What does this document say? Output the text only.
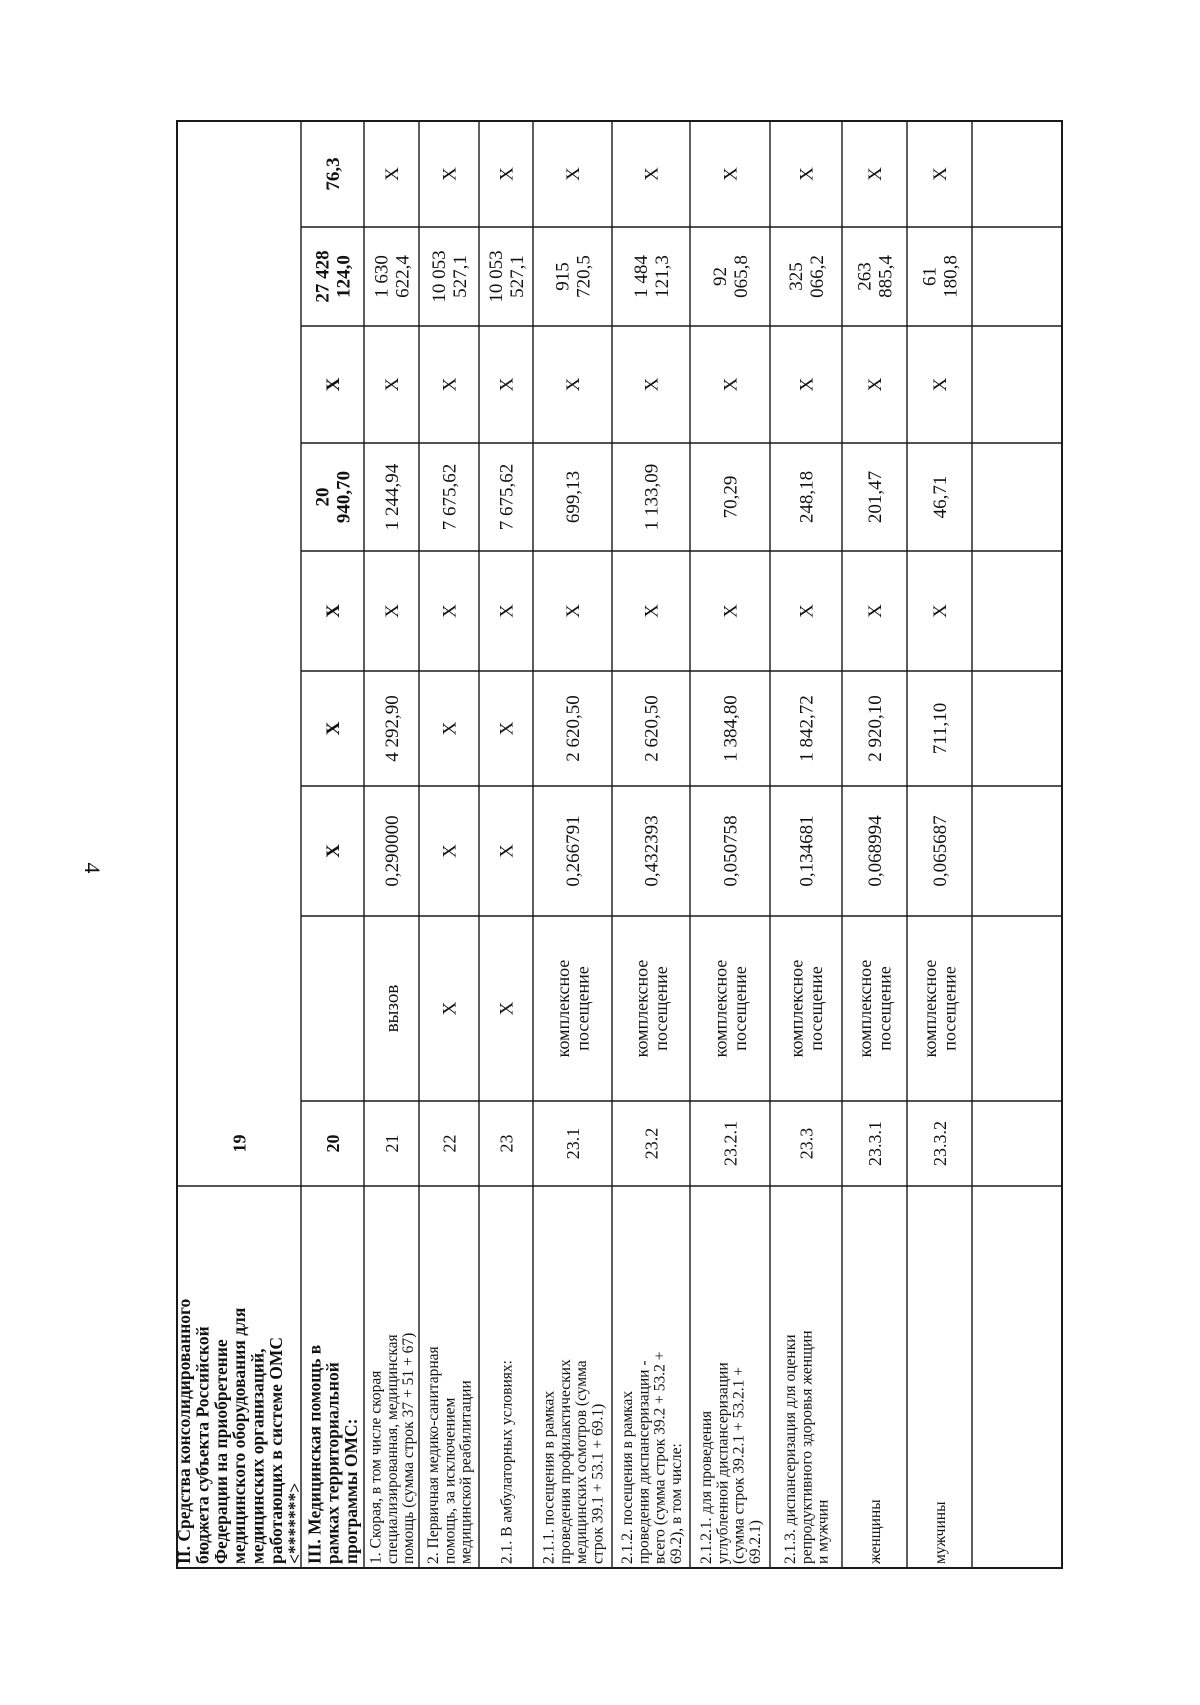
4
II. Средства консолидированного
бюджета субъекта Российской
Федерации на приобретение
медицинского оборудования для
медицинских организаций,
работающих в системе ОМС
<*******>
19
III. Медицинская помощь в
рамках территориальной
программы ОМС:
20
X
X
X
20 940,70
X
27 428 124,0
76,3
1. Скорая, в том числе скорая специализированная, медицинская помощь (сумма строк 37 + 51 + 67)
21
вызов
0,290000
4 292,90
X
1 244,94
X
1 630 622,4
X
2. Первичная медико-санитарная помощь, за исключением медицинской реабилитации
22
X
X
X
X
7 675,62
X
10 053 527,1
X
2.1. В амбулаторных условиях:
23
X
X
X
X
7 675,62
X
10 053 527,1
X
2.1.1. посещения в рамках проведения профилактических медицинских осмотров (сумма строк 39.1 + 53.1 + 69.1)
23.1
комплексное посещение
0,266791
2 620,50
X
699,13
X
915 720,5
X
2.1.2. посещения в рамках проведения диспансеризации - всего (сумма строк 39.2 + 53.2 + 69.2), в том числе:
23.2
комплексное посещение
0,432393
2 620,50
X
1 133,09
X
1 484 121,3
X
2.1.2.1. для проведения углубленной диспансеризации (сумма строк 39.2.1 + 53.2.1 + 69.2.1)
23.2.1
комплексное посещение
0,050758
1 384,80
X
70,29
X
92 065,8
X
2.1.3. диспансеризация для оценки репродуктивного здоровья женщин и мужчин
23.3
комплексное посещение
0,134681
1 842,72
X
248,18
X
325 066,2
X
женщины
23.3.1
комплексное посещение
0,068994
2 920,10
X
201,47
X
263 885,4
X
мужчины
23.3.2
комплексное посещение
0,065687
711,10
X
46,71
X
61 180,8
X
